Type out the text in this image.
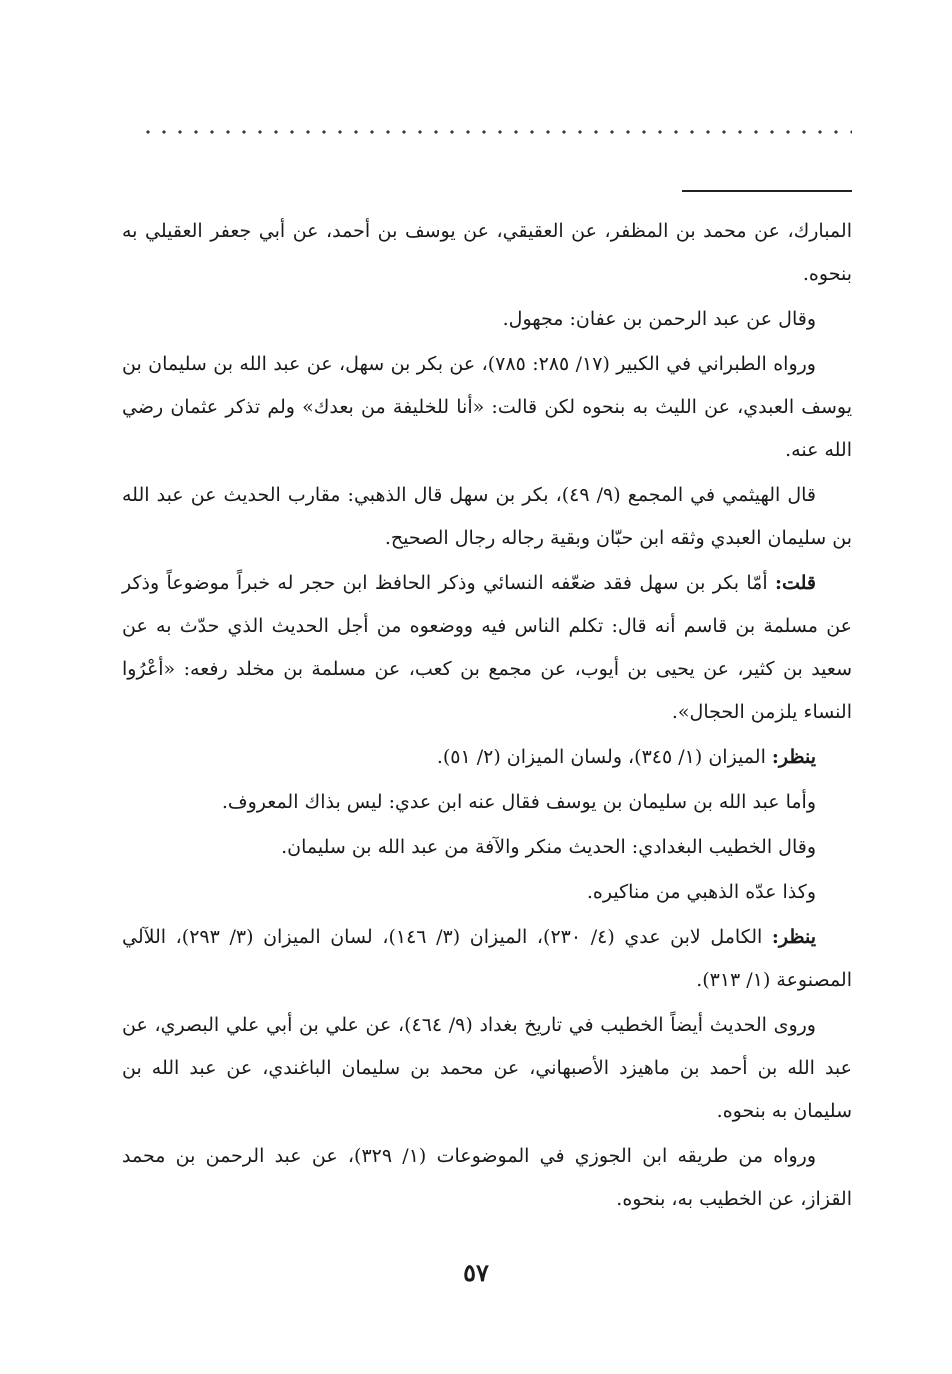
المبارك، عن محمد بن المظفر، عن العقيقي، عن يوسف بن أحمد، عن أبي جعفر العقيلي به بنحوه.

وقال عن عبد الرحمن بن عفان: مجهول.

ورواه الطبراني في الكبير (١٧/ ٢٨٥: ٧٨٥)، عن بكر بن سهل، عن عبد الله بن سليمان بن يوسف العبدي، عن الليث به بنحوه لكن قالت: «أنا للخليفة من بعدك» ولم تذكر عثمان رضي الله عنه.

قال الهيثمي في المجمع (٩/ ٤٩)، بكر بن سهل قال الذهبي: مقارب الحديث عن عبد الله بن سليمان العبدي وثقه ابن حبّان وبقية رجاله رجال الصحيح.

قلت: أمّا بكر بن سهل فقد ضعّفه النسائي وذكر الحافظ ابن حجر له خبراً موضوعاً وذكر عن مسلمة بن قاسم أنه قال: تكلم الناس فيه ووضعوه من أجل الحديث الذي حدّث به عن سعيد بن كثير، عن يحيى بن أيوب، عن مجمع بن كعب، عن مسلمة بن مخلد رفعه: «أعْرُوا النساء يلزمن الحجال».

ينظر: الميزان (١/ ٣٤٥)، ولسان الميزان (٢/ ٥١).

وأما عبد الله بن سليمان بن يوسف فقال عنه ابن عدي: ليس بذاك المعروف.

وقال الخطيب البغدادي: الحديث منكر والآفة من عبد الله بن سليمان.

وكذا عدّه الذهبي من مناكيره.

ينظر: الكامل لابن عدي (٤/ ٢٣٠)، الميزان (٣/ ١٤٦)، لسان الميزان (٣/ ٢٩٣)، اللآلي المصنوعة (١/ ٣١٣).

وروى الحديث أيضاً الخطيب في تاريخ بغداد (٩/ ٤٦٤)، عن علي بن أبي علي البصري، عن عبد الله بن أحمد بن ماهيزد الأصبهاني، عن محمد بن سليمان الباغندي، عن عبد الله بن سليمان به بنحوه.

ورواه من طريقه ابن الجوزي في الموضوعات (١/ ٣٢٩)، عن عبد الرحمن بن محمد القزاز، عن الخطيب به، بنحوه.

٥٧
